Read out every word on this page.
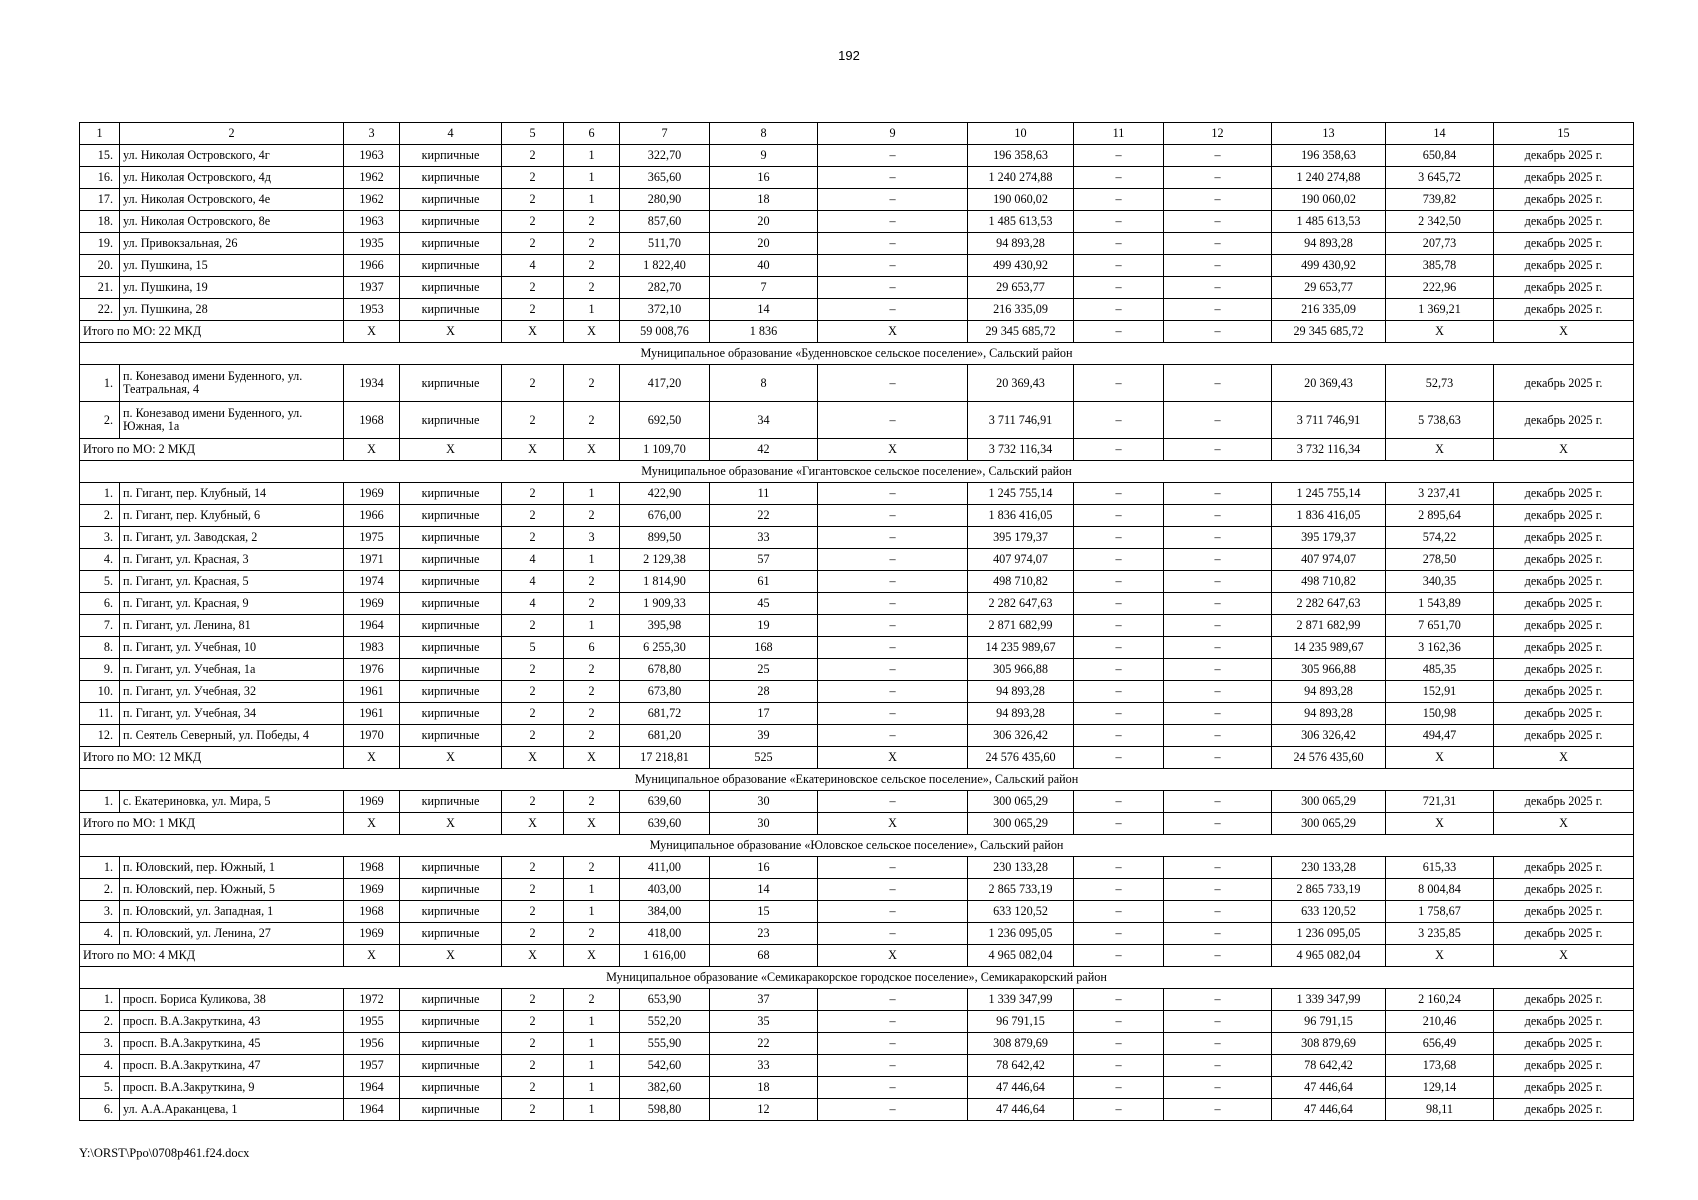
192
1	2	3	4	5	6	7	8	9	10	11	12	13	14	15
15.	ул. Николая Островского, 4г	1963	кирпичные	2	1	322,70	9	–	196 358,63	–	–	196 358,63	650,84	декабрь 2025 г.
16.	ул. Николая Островского, 4д	1962	кирпичные	2	1	365,60	16	–	1 240 274,88	–	–	1 240 274,88	3 645,72	декабрь 2025 г.
17.	ул. Николая Островского, 4е	1962	кирпичные	2	1	280,90	18	–	190 060,02	–	–	190 060,02	739,82	декабрь 2025 г.
18.	ул. Николая Островского, 8е	1963	кирпичные	2	2	857,60	20	–	1 485 613,53	–	–	1 485 613,53	2 342,50	декабрь 2025 г.
19.	ул. Привокзальная, 26	1935	кирпичные	2	2	511,70	20	–	94 893,28	–	–	94 893,28	207,73	декабрь 2025 г.
20.	ул. Пушкина, 15	1966	кирпичные	4	2	1 822,40	40	–	499 430,92	–	–	499 430,92	385,78	декабрь 2025 г.
21.	ул. Пушкина, 19	1937	кирпичные	2	2	282,70	7	–	29 653,77	–	–	29 653,77	222,96	декабрь 2025 г.
22.	ул. Пушкина, 28	1953	кирпичные	2	1	372,10	14	–	216 335,09	–	–	216 335,09	1 369,21	декабрь 2025 г.
Итого по МО: 22 МКД		X	X	X	X	59 008,76	1 836	X	29 345 685,72	–	–	29 345 685,72	X	X
Муниципальное образование «Буденновское сельское поселение», Сальский район														
1.	п. Конезавод имени Буденного, ул. Театральная, 4	1934	кирпичные	2	2	417,20	8	–	20 369,43	–	–	20 369,43	52,73	декабрь 2025 г.
2.	п. Конезавод имени Буденного, ул. Южная, 1а	1968	кирпичные	2	2	692,50	34	–	3 711 746,91	–	–	3 711 746,91	5 738,63	декабрь 2025 г.
Итого по МО: 2 МКД		X	X	X	X	1 109,70	42	X	3 732 116,34	–	–	3 732 116,34	X	X
Муниципальное образование «Гигантовское сельское поселение», Сальский район														
1.	п. Гигант, пер. Клубный, 14	1969	кирпичные	2	1	422,90	11	–	1 245 755,14	–	–	1 245 755,14	3 237,41	декабрь 2025 г.
2.	п. Гигант, пер. Клубный, 6	1966	кирпичные	2	2	676,00	22	–	1 836 416,05	–	–	1 836 416,05	2 895,64	декабрь 2025 г.
3.	п. Гигант, ул. Заводская, 2	1975	кирпичные	2	3	899,50	33	–	395 179,37	–	–	395 179,37	574,22	декабрь 2025 г.
4.	п. Гигант, ул. Красная, 3	1971	кирпичные	4	1	2 129,38	57	–	407 974,07	–	–	407 974,07	278,50	декабрь 2025 г.
5.	п. Гигант, ул. Красная, 5	1974	кирпичные	4	2	1 814,90	61	–	498 710,82	–	–	498 710,82	340,35	декабрь 2025 г.
6.	п. Гигант, ул. Красная, 9	1969	кирпичные	4	2	1 909,33	45	–	2 282 647,63	–	–	2 282 647,63	1 543,89	декабрь 2025 г.
7.	п. Гигант, ул. Ленина, 81	1964	кирпичные	2	1	395,98	19	–	2 871 682,99	–	–	2 871 682,99	7 651,70	декабрь 2025 г.
8.	п. Гигант, ул. Учебная, 10	1983	кирпичные	5	6	6 255,30	168	–	14 235 989,67	–	–	14 235 989,67	3 162,36	декабрь 2025 г.
9.	п. Гигант, ул. Учебная, 1а	1976	кирпичные	2	2	678,80	25	–	305 966,88	–	–	305 966,88	485,35	декабрь 2025 г.
10.	п. Гигант, ул. Учебная, 32	1961	кирпичные	2	2	673,80	28	–	94 893,28	–	–	94 893,28	152,91	декабрь 2025 г.
11.	п. Гигант, ул. Учебная, 34	1961	кирпичные	2	2	681,72	17	–	94 893,28	–	–	94 893,28	150,98	декабрь 2025 г.
12.	п. Сеятель Северный, ул. Победы, 4	1970	кирпичные	2	2	681,20	39	–	306 326,42	–	–	306 326,42	494,47	декабрь 2025 г.
Итого по МО: 12 МКД		X	X	X	X	17 218,81	525	X	24 576 435,60	–	–	24 576 435,60	X	X
Муниципальное образование «Екатериновское сельское поселение», Сальский район														
1.	с. Екатериновка, ул. Мира, 5	1969	кирпичные	2	2	639,60	30	–	300 065,29	–	–	300 065,29	721,31	декабрь 2025 г.
Итого по МО: 1 МКД		X	X	X	X	639,60	30	X	300 065,29	–	–	300 065,29	X	X
Муниципальное образование «Юловское сельское поселение», Сальский район														
1.	п. Юловский, пер. Южный, 1	1968	кирпичные	2	2	411,00	16	–	230 133,28	–	–	230 133,28	615,33	декабрь 2025 г.
2.	п. Юловский, пер. Южный, 5	1969	кирпичные	2	1	403,00	14	–	2 865 733,19	–	–	2 865 733,19	8 004,84	декабрь 2025 г.
3.	п. Юловский, ул. Западная, 1	1968	кирпичные	2	1	384,00	15	–	633 120,52	–	–	633 120,52	1 758,67	декабрь 2025 г.
4.	п. Юловский, ул. Ленина, 27	1969	кирпичные	2	2	418,00	23	–	1 236 095,05	–	–	1 236 095,05	3 235,85	декабрь 2025 г.
Итого по МО: 4 МКД		X	X	X	X	1 616,00	68	X	4 965 082,04	–	–	4 965 082,04	X	X
Муниципальное образование «Семикаракорское городское поселение», Семикаракорский район														
1.	просп. Бориса Куликова, 38	1972	кирпичные	2	2	653,90	37	–	1 339 347,99	–	–	1 339 347,99	2 160,24	декабрь 2025 г.
2.	просп. В.А.Закруткина, 43	1955	кирпичные	2	1	552,20	35	–	96 791,15	–	–	96 791,15	210,46	декабрь 2025 г.
3.	просп. В.А.Закруткина, 45	1956	кирпичные	2	1	555,90	22	–	308 879,69	–	–	308 879,69	656,49	декабрь 2025 г.
4.	просп. В.А.Закруткина, 47	1957	кирпичные	2	1	542,60	33	–	78 642,42	–	–	78 642,42	173,68	декабрь 2025 г.
5.	просп. В.А.Закруткина, 9	1964	кирпичные	2	1	382,60	18	–	47 446,64	–	–	47 446,64	129,14	декабрь 2025 г.
6.	ул. А.А.Араканцева, 1	1964	кирпичные	2	1	598,80	12	–	47 446,64	–	–	47 446,64	98,11	декабрь 2025 г.
Y:\ORST\Ppo\0708p461.f24.docx
